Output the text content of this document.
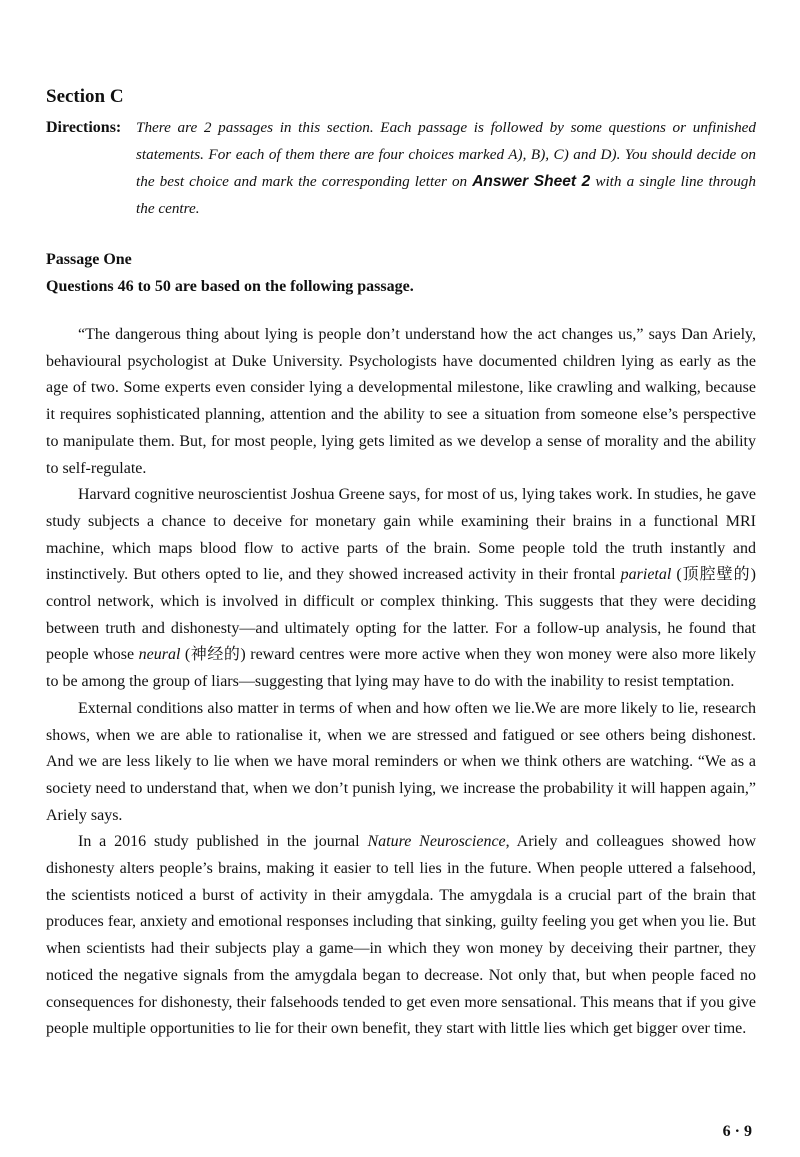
Section C
Directions: There are 2 passages in this section. Each passage is followed by some questions or unfinished statements. For each of them there are four choices marked A), B), C) and D). You should decide on the best choice and mark the corresponding letter on Answer Sheet 2 with a single line through the centre.
Passage One
Questions 46 to 50 are based on the following passage.

“The dangerous thing about lying is people don’t understand how the act changes us,” says Dan Ariely, behavioural psychologist at Duke University. Psychologists have documented children lying as early as the age of two. Some experts even consider lying a developmental milestone, like crawling and walking, because it requires sophisticated planning, attention and the ability to see a situation from someone else’s perspective to manipulate them. But, for most people, lying gets limited as we develop a sense of morality and the ability to self-regulate.

Harvard cognitive neuroscientist Joshua Greene says, for most of us, lying takes work. In studies, he gave study subjects a chance to deceive for monetary gain while examining their brains in a functional MRI machine, which maps blood flow to active parts of the brain. Some people told the truth instantly and instinctively. But others opted to lie, and they showed increased activity in their frontal parietal (顶腔壁的) control network, which is involved in difficult or complex thinking. This suggests that they were deciding between truth and dishonesty—and ultimately opting for the latter. For a follow-up analysis, he found that people whose neural (神经的) reward centres were more active when they won money were also more likely to be among the group of liars—suggesting that lying may have to do with the inability to resist temptation.

External conditions also matter in terms of when and how often we lie.We are more likely to lie, research shows, when we are able to rationalise it, when we are stressed and fatigued or see others being dishonest. And we are less likely to lie when we have moral reminders or when we think others are watching. “We as a society need to understand that, when we don’t punish lying, we increase the probability it will happen again,” Ariely says.

In a 2016 study published in the journal Nature Neuroscience, Ariely and colleagues showed how dishonesty alters people’s brains, making it easier to tell lies in the future. When people uttered a falsehood, the scientists noticed a burst of activity in their amygdala. The amygdala is a crucial part of the brain that produces fear, anxiety and emotional responses including that sinking, guilty feeling you get when you lie. But when scientists had their subjects play a game—in which they won money by deceiving their partner, they noticed the negative signals from the amygdala began to decrease. Not only that, but when people faced no consequences for dishonesty, their falsehoods tended to get even more sensational. This means that if you give people multiple opportunities to lie for their own benefit, they start with little lies which get bigger over time.

6 · 9
